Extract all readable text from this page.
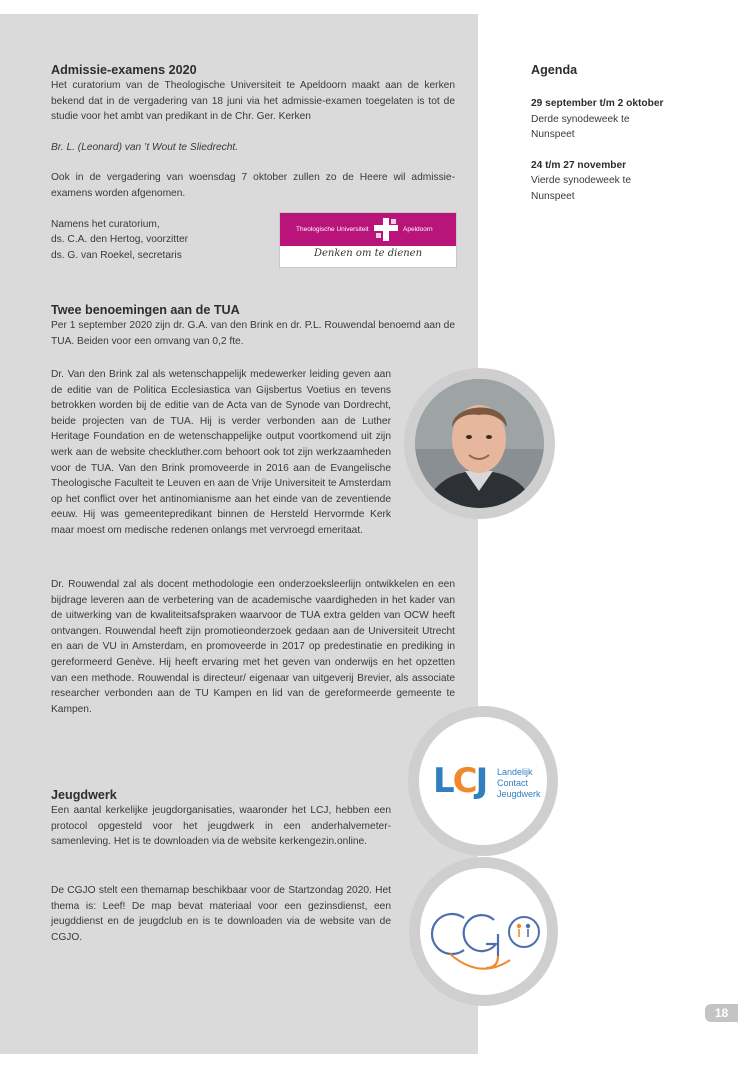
Admissie-examens 2020

Het curatorium van de Theologische Universiteit te Apeldoorn maakt aan de kerken bekend dat in de vergadering van 18 juni via het admissie-examen toegelaten is tot de studie voor het ambt van predikant in de Chr. Ger. Kerken

Br. L. (Leonard) van ’t Wout te Sliedrecht.

Ook in de vergadering van woensdag 7 oktober zullen zo de Heere wil admissie-examens worden afgenomen.

Namens het curatorium,

ds. C.A. den Hertog, voorzitter

ds. G. van Roekel, secretaris

Theologische Universiteit	Apeldoorn
Denken om te dienen
Twee benoemingen aan de TUA

Per 1 september 2020 zijn dr. G.A. van den Brink en dr. P.L. Rouwendal benoemd aan de TUA. Beiden voor een omvang van 0,2 fte.

Dr. Van den Brink zal als wetenschappelijk medewerker leiding geven aan de editie van de Politica Ecclesiastica van Gijsbertus Voetius en tevens betrokken worden bij de editie van de Acta van de Synode van Dordrecht, beide projecten van de TUA. Hij is verder verbonden aan de Luther Heritage Foundation en de wetenschappelijke output voortkomend uit zijn werk aan de website checkluther.com behoort ook tot zijn werkzaamheden voor de TUA. Van den Brink promoveerde in 2016 aan de Evangelische Theologische Faculteit te Leuven en aan de Vrije Universiteit te Amsterdam op het conflict over het antinomianisme aan het einde van de zeventiende eeuw. Hij was gemeentepredikant binnen de Hersteld Hervormde Kerk maar moest om medische redenen onlangs met vervroegd emeritaat.

Dr. Rouwendal zal als docent methodologie een onderzoeksleerlijn ontwikkelen en een bijdrage leveren aan de verbetering van de academische vaardigheden in het kader van de uitwerking van de kwaliteitsafspraken waarvoor de TUA extra gelden van OCW heeft ontvangen. Rouwendal heeft zijn promotieonderzoek gedaan aan de Universiteit Utrecht en aan de VU in Amsterdam, en promoveerde in 2017 op predestinatie en prediking in gereformeerd Genève. Hij heeft ervaring met het geven van onderwijs en het opzetten van een methode. Rouwendal is directeur/ eigenaar van uitgeverij Brevier, als associate researcher verbonden aan de TU Kampen en lid van de gereformeerde gemeente te Kampen.

Jeugdwerk

Een aantal kerkelijke jeugdorganisaties, waaronder het LCJ, hebben een protocol opgesteld voor het jeugdwerk in een anderhalvemeter-samenleving. Het is te downloaden via de website kerkengezin.online.

De CGJO stelt een themamap beschikbaar voor de Startzondag 2020. Het thema is: Leef! De map bevat materiaal voor een gezinsdienst, een jeugddienst en de jeugdclub en is te downloaden via de website van de CGJO.

LCJ Landelijk
Contact
Jeugdwerk
Agenda

29 september t/m 2 oktober

Derde synodeweek te

Nunspeet

24 t/m 27 november

Vierde synodeweek te

Nunspeet

18
